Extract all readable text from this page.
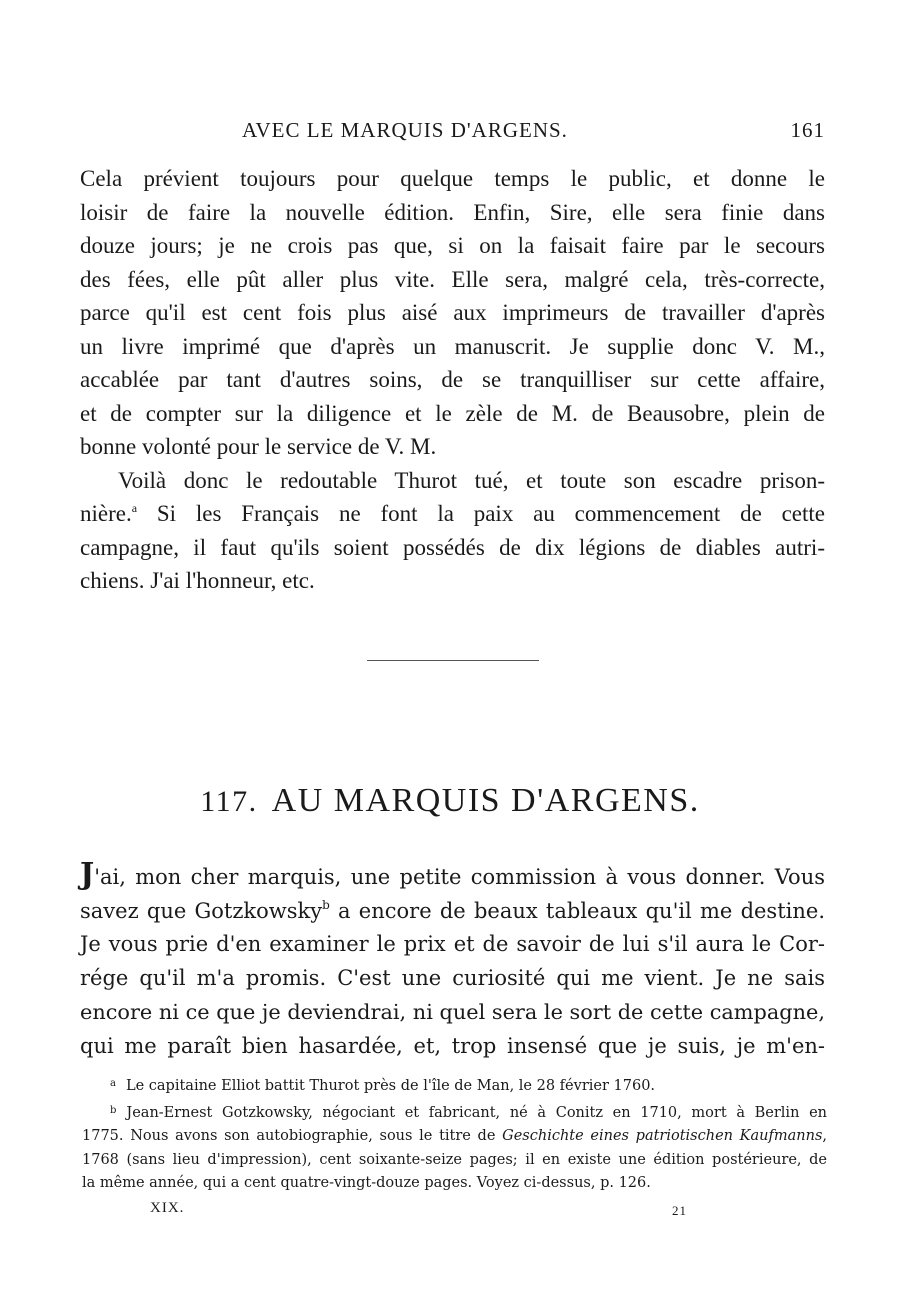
AVEC LE MARQUIS D'ARGENS.	161

Cela prévient toujours pour quelque temps le public, et donne le
loisir de faire la nouvelle édition. Enfin, Sire, elle sera finie dans
douze jours; je ne crois pas que, si on la faisait faire par le secours
des fées, elle pût aller plus vite. Elle sera, malgré cela, très-correcte,
parce qu'il est cent fois plus aisé aux imprimeurs de travailler d'après
un livre imprimé que d'après un manuscrit. Je supplie donc V. M.,
accablée par tant d'autres soins, de se tranquilliser sur cette affaire,
et de compter sur la diligence et le zèle de M. de Beausobre, plein de
bonne volonté pour le service de V. M.

Voilà donc le redoutable Thurot tué, et toute son escadre prison-
nière.$^a$ Si les Français ne font la paix au commencement de cette
campagne, il faut qu'ils soient possédés de dix légions de diables autri-
chiens. J'ai l'honneur, etc.

117. AU MARQUIS D'ARGENS.
J'ai, mon cher marquis, une petite commission à vous donner. Vous
savez que Gotzkowsky$^b$ a encore de beaux tableaux qu'il me destine.
Je vous prie d'en examiner le prix et de savoir de lui s'il aura le Cor-
rége qu'il m'a promis. C'est une curiosité qui me vient. Je ne sais
encore ni ce que je deviendrai, ni quel sera le sort de cette campagne,
qui me paraît bien hasardée, et, trop insensé que je suis, je m'en-
$^a$ Le capitaine Elliot battit Thurot près de l'île de Man, le 28 février 1760.
$^b$ Jean-Ernest Gotzkowsky, négociant et fabricant, né à Conitz en 1710, mort à Berlin en
1775. Nous avons son autobiographie, sous le titre de Geschichte eines patriotischen Kaufmanns,
1768 (sans lieu d'impression), cent soixante-seize pages; il en existe une édition postérieure, de
la même année, qui a cent quatre-vingt-douze pages. Voyez ci-dessus, p. 126.
XIX.	21
